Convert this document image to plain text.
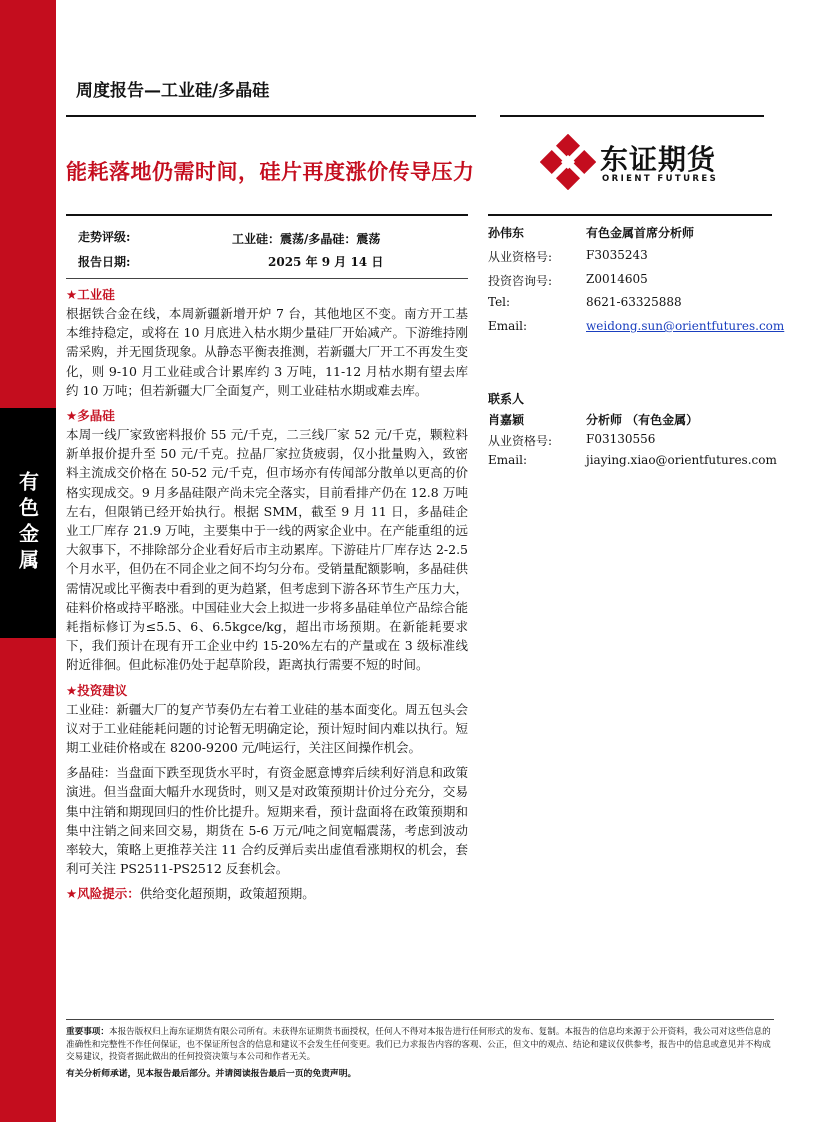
有色金属
周度报告—工业硅/多晶硅
能耗落地仍需时间，硅片再度涨价传导压力	东证期货
ORIENT FUTURES
走势评级:	工业硅：震荡/多晶硅：震荡
报告日期:	2025 年 9 月 14 日

★工业硅

根据铁合金在线，本周新疆新增开炉 7 台，其他地区不变。南方开工基本维持稳定，或将在 10 月底进入枯水期少量硅厂开始减产。下游维持刚需采购，并无囤货现象。从静态平衡表推测，若新疆大厂开工不再发生变化，则 9-10 月工业硅或合计累库约 3 万吨，11-12 月枯水期有望去库约 10 万吨；但若新疆大厂全面复产，则工业硅枯水期或难去库。

★多晶硅

本周一线厂家致密料报价 55 元/千克，二三线厂家 52 元/千克，颗粒料新单报价提升至 50 元/千克。拉晶厂家拉货疲弱，仅小批量购入，致密料主流成交价格在 50-52 元/千克，但市场亦有传闻部分散单以更高的价格实现成交。9 月多晶硅限产尚未完全落实，目前看排产仍在 12.8 万吨左右，但限销已经开始执行。根据 SMM，截至 9 月 11 日，多晶硅企业工厂库存 21.9 万吨，主要集中于一线的两家企业中。在产能重组的远大叙事下，不排除部分企业看好后市主动累库。下游硅片厂库存达 2-2.5 个月水平，但仍在不同企业之间不均匀分布。受销量配额影响，多晶硅供需情况或比平衡表中看到的更为趋紧，但考虑到下游各环节生产压力大，硅料价格或持平略涨。中国硅业大会上拟进一步将多晶硅单位产品综合能耗指标修订为≤5.5、6、6.5kgce/kg，超出市场预期。在新能耗要求下，我们预计在现有开工企业中约 15-20%左右的产量或在 3 级标准线附近徘徊。但此标准仍处于起草阶段，距离执行需要不短的时间。

★投资建议

工业硅：新疆大厂的复产节奏仍左右着工业硅的基本面变化。周五包头会议对于工业硅能耗问题的讨论暂无明确定论，预计短时间内难以执行。短期工业硅价格或在 8200-9200 元/吨运行，关注区间操作机会。

多晶硅：当盘面下跌至现货水平时，有资金愿意博弈后续利好消息和政策演进。但当盘面大幅升水现货时，则又是对政策预期计价过分充分，交易集中注销和期现回归的性价比提升。短期来看，预计盘面将在政策预期和集中注销之间来回交易，期货在 5-6 万元/吨之间宽幅震荡，考虑到波动率较大，策略上更推荐关注 11 合约反弹后卖出虚值看涨期权的机会，套利可关注 PS2511-PS2512 反套机会。

★风险提示：供给变化超预期，政策超预期。

孙伟东	有色金属首席分析师
从业资格号:	F3035243
投资咨询号:	Z0014605
Tel:	8621-63325888
Email:	weidong.sun@orientfutures.com
联系人
肖嘉颖	分析师 （有色金属）
从业资格号:	F03130556
Email:	jiaying.xiao@orientfutures.com
重要事项：本报告版权归上海东证期货有限公司所有。未获得东证期货书面授权，任何人不得对本报告进行任何形式的发布、复制。本报告的信息均来源于公开资料，我公司对这些信息的准确性和完整性不作任何保证，也不保证所包含的信息和建议不会发生任何变更。我们已力求报告内容的客观、公正，但文中的观点、结论和建议仅供参考，报告中的信息或意见并不构成交易建议，投资者据此做出的任何投资决策与本公司和作者无关。
有关分析师承诺，见本报告最后部分。并请阅读报告最后一页的免责声明。
